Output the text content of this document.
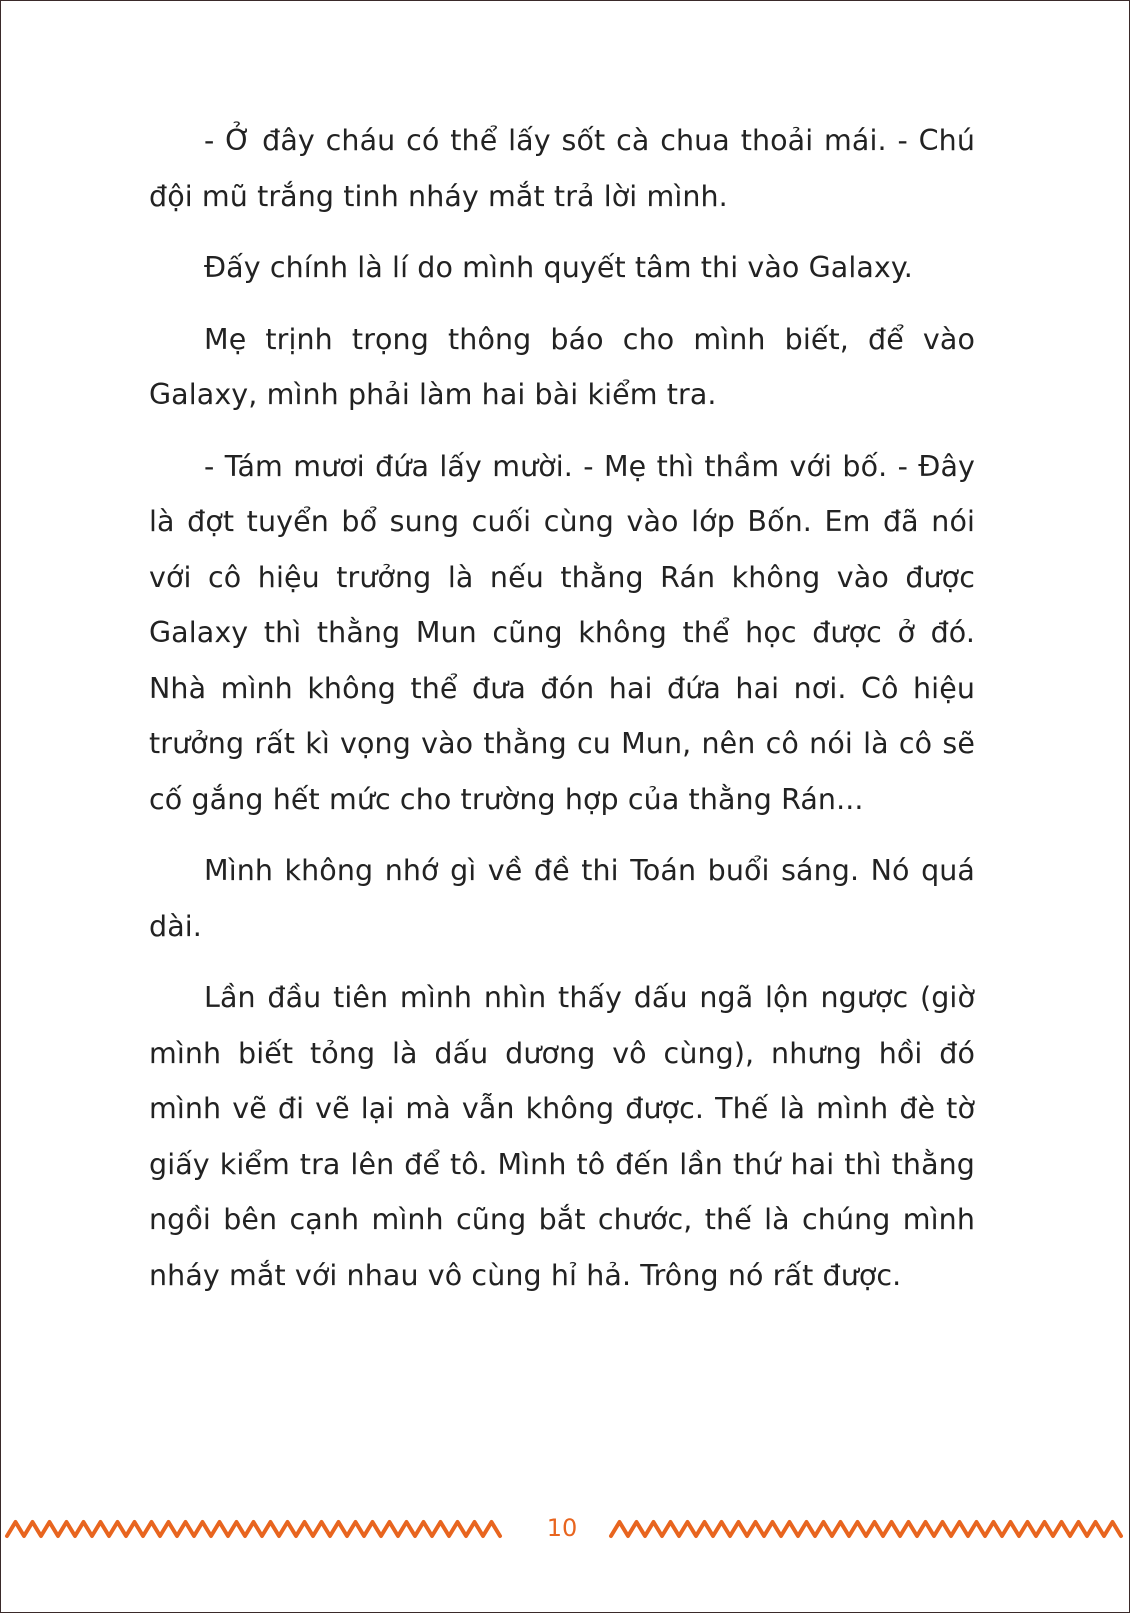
- Ở đây cháu có thể lấy sốt cà chua thoải mái. - Chú đội mũ trắng tinh nháy mắt trả lời mình.

Đấy chính là lí do mình quyết tâm thi vào Galaxy.

Mẹ trịnh trọng thông báo cho mình biết, để vào Galaxy, mình phải làm hai bài kiểm tra.

- Tám mươi đứa lấy mười. - Mẹ thì thầm với bố. - Đây là đợt tuyển bổ sung cuối cùng vào lớp Bốn. Em đã nói với cô hiệu trưởng là nếu thằng Rán không vào được Galaxy thì thằng Mun cũng không thể học được ở đó. Nhà mình không thể đưa đón hai đứa hai nơi. Cô hiệu trưởng rất kì vọng vào thằng cu Mun, nên cô nói là cô sẽ cố gắng hết mức cho trường hợp của thằng Rán...

Mình không nhớ gì về đề thi Toán buổi sáng. Nó quá dài.

Lần đầu tiên mình nhìn thấy dấu ngã lộn ngược (giờ mình biết tỏng là dấu dương vô cùng), nhưng hồi đó mình vẽ đi vẽ lại mà vẫn không được. Thế là mình đè tờ giấy kiểm tra lên để tô. Mình tô đến lần thứ hai thì thằng ngồi bên cạnh mình cũng bắt chước, thế là chúng mình nháy mắt với nhau vô cùng hỉ hả. Trông nó rất được.

10
